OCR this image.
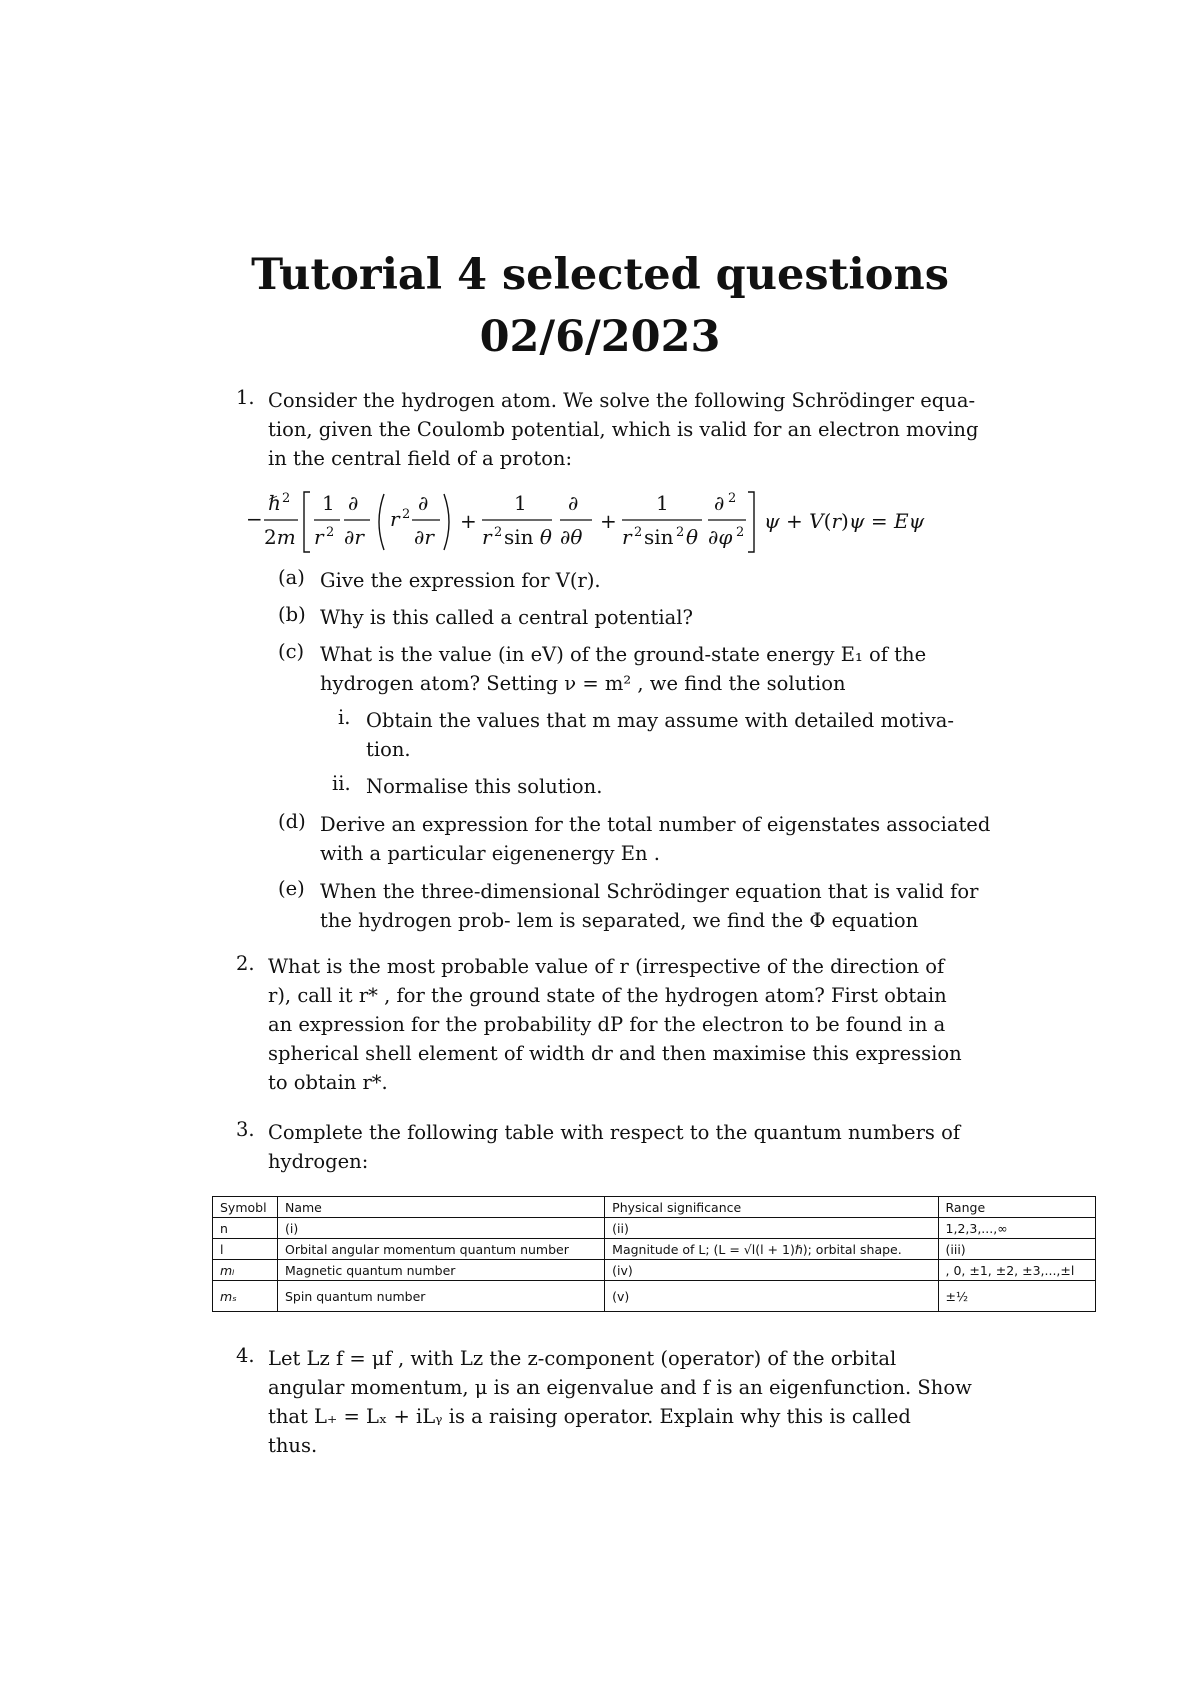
Tutorial 4 selected questions
02/6/2023
1. Consider the hydrogen atom. We solve the following Schrödinger equa-
tion, given the Coulomb potential, which is valid for an electron moving
in the central field of a proton:
−
ℏ 2
2m
1
r 2
∂
∂r
r 2 ∂
∂r
+
1
r 2 sin θ
∂
∂θ
+
1
r 2 sin 2 θ
∂ 2
∂φ 2 ψ + V(r)ψ = Eψ
(a) Give the expression for V(r).
(b) Why is this called a central potential?
(c) What is the value (in eV) of the ground-state energy E₁ of the
hydrogen atom? Setting ν = m² , we find the solution
i. Obtain the values that m may assume with detailed motiva-
tion.
ii. Normalise this solution.
(d) Derive an expression for the total number of eigenstates associated
with a particular eigenenergy En .
(e) When the three-dimensional Schrödinger equation that is valid for
the hydrogen prob- lem is separated, we find the Φ equation
2. What is the most probable value of r (irrespective of the direction of
r), call it r* , for the ground state of the hydrogen atom? First obtain
an expression for the probability dP for the electron to be found in a
spherical shell element of width dr and then maximise this expression
to obtain r*.
3. Complete the following table with respect to the quantum numbers of
hydrogen:
Symobl	Name	Physical significance	Range
n	(i)	(ii)	1,2,3,...,∞
l	Orbital angular momentum quantum number	Magnitude of L; (L = √l(l + 1)ℏ); orbital shape.	(iii)
mₗ	Magnetic quantum number	(iv)	, 0, ±1, ±2, ±3,...,±l
mₛ	Spin quantum number	(v)	±½
4. Let Lz f = μf , with Lz the z-component (operator) of the orbital
angular momentum, μ is an eigenvalue and f is an eigenfunction. Show
that L₊ = Lₓ + iLᵧ is a raising operator. Explain why this is called
thus.
